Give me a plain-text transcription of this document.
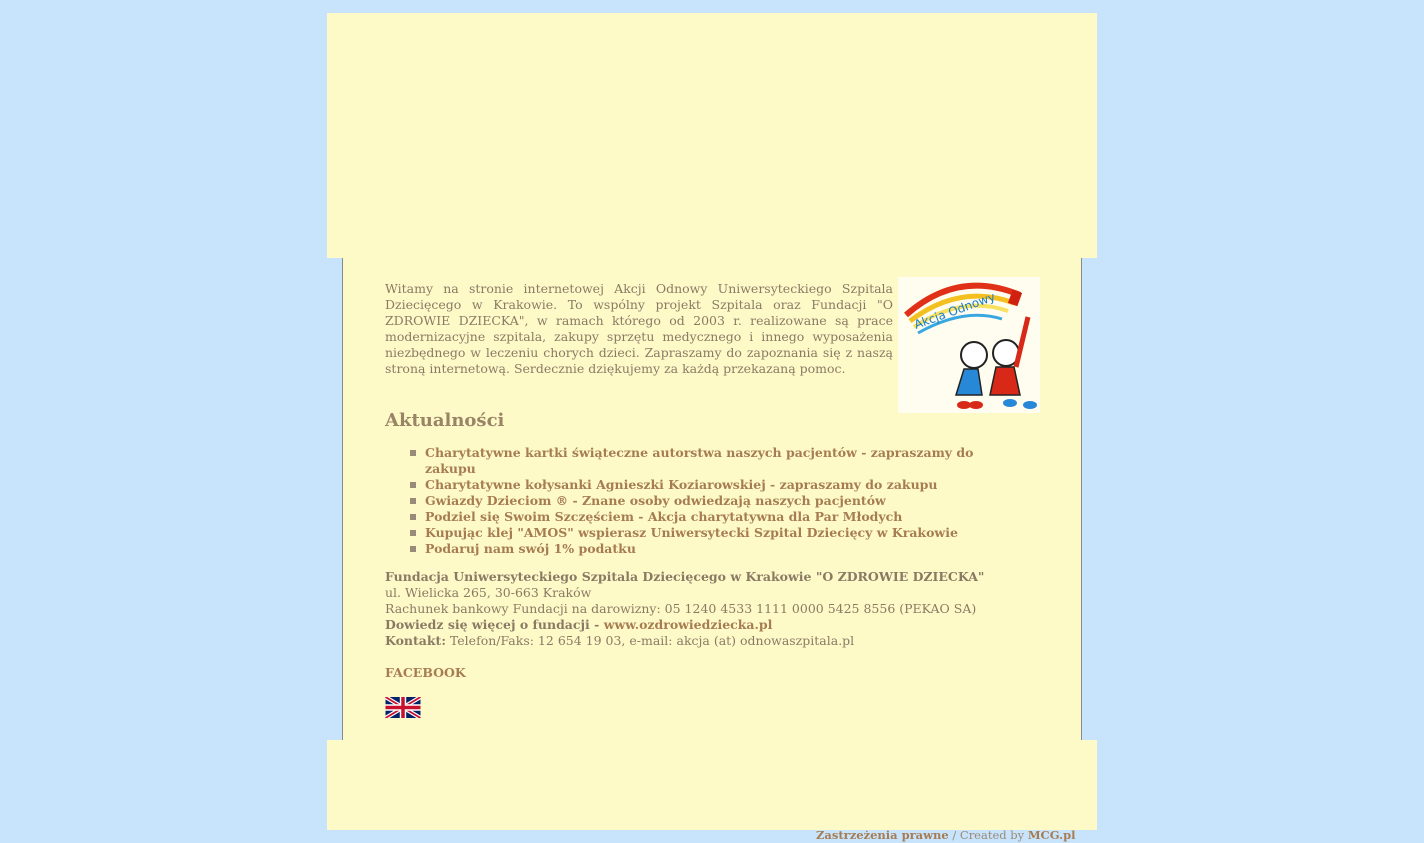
Witamy na stronie internetowej Akcji Odnowy Uniwersyteckiego Szpitala Dziecięcego w Krakowie. To wspólny projekt Szpitala oraz Fundacji "O ZDROWIE DZIECKA", w ramach którego od 2003 r. realizowane są prace modernizacyjne szpitala, zakupy sprzętu medycznego i innego wyposażenia niezbędnego w leczeniu chorych dzieci. Zapraszamy do zapoznania się z naszą stroną internetową. Serdecznie dziękujemy za każdą przekazaną pomoc.

Akcja Odnowy
Aktualności
Charytatywne kartki świąteczne autorstwa naszych pacjentów - zapraszamy do zakupu
Charytatywne kołysanki Agnieszki Koziarowskiej - zapraszamy do zakupu
Gwiazdy Dzieciom ® - Znane osoby odwiedzają naszych pacjentów
Podziel się Swoim Szczęściem - Akcja charytatywna dla Par Młodych
Kupując klej "AMOS" wspierasz Uniwersytecki Szpital Dziecięcy w Krakowie
Podaruj nam swój 1% podatku
Fundacja Uniwersyteckiego Szpitala Dziecięcego w Krakowie "O ZDROWIE DZIECKA"
ul. Wielicka 265, 30-663 Kraków
Rachunek bankowy Fundacji na darowizny: 05 1240 4533 1111 0000 5425 8556 (PEKAO SA)
Dowiedz się więcej o fundacji - www.ozdrowiedziecka.pl
Kontakt: Telefon/Faks: 12 654 19 03, e-mail: akcja (at) odnowaszpitala.pl
FACEBOOK
Zastrzeżenia prawne / Created by MCG.pl
